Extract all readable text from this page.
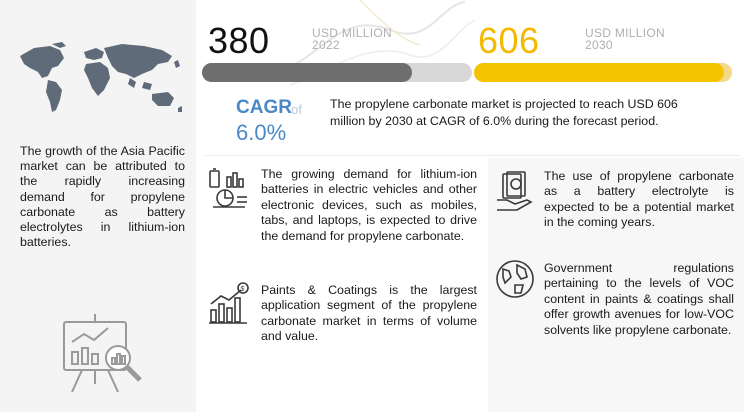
The growth of the Asia Pacific market can be attributed to the rapidly increasing demand for propylene carbonate as battery electrolytes in lithium-ion batteries.
380	USD MILLION
2022	606	USD MILLION
2030
CAGR of
6.0%
The propylene carbonate market is projected to reach USD 606 million by 2030 at CAGR of 6.0% during the forecast period.
The growing demand for lithium-ion batteries in electric vehicles and other electronic devices, such as mobiles, tabs, and laptops, is expected to drive the demand for propylene carbonate.
$ Paints & Coatings is the largest application segment of the propylene carbonate market in terms of volume and value.
The use of propylene carbonate as a battery electrolyte is expected to be a potential market in the coming years.
Government regulations pertaining to the levels of VOC content in paints & coatings shall offer growth avenues for low-VOC solvents like propylene carbonate.
